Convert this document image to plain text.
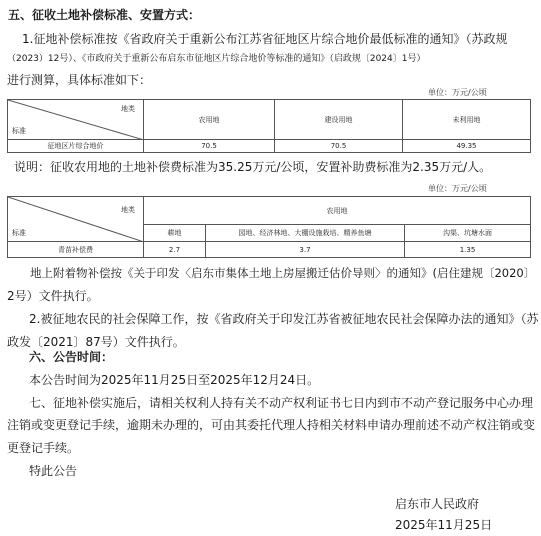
五、征收土地补偿标准、安置方式：
1.征地补偿标准按《省政府关于重新公布江苏省征地区片综合地价最低标准的通知》（苏政规
（2023）12号）、《市政府关于重新公布启东市征地区片综合地价等标准的通知》（启政规〔2024〕1号）
进行测算，具体标准如下：
单位：万元/公顷
地类
标准	农用地	建设用地	未利用地
征地区片综合地价	70.5	70.5	49.35
说明：征收农用地的土地补偿费标准为35.25万元/公顷，安置补助费标准为2.35万元/人。
单位：万元/公顷
地类
标准	农用地		
	耕地	园地、经济林地、大棚设施栽培、精养鱼塘	沟渠、坑塘水面
青苗补偿费	2.7	3.7	1.35
地上附着物补偿按《关于印发〈启东市集体土地上房屋搬迁估价导则〉的通知》(启住建规〔2020〕
2号）文件执行。
2.被征地农民的社会保障工作，按《省政府关于印发江苏省被征地农民社会保障办法的通知》（苏
政发〔2021〕87号）文件执行。
六、公告时间：
本公告时间为2025年11月25日至2025年12月24日。
七、征地补偿实施后，请相关权利人持有关不动产权利证书七日内到市不动产登记服务中心办理
注销或变更登记手续，逾期未办理的，可由其委托代理人持相关材料申请办理前述不动产权注销或变
更登记手续。
特此公告
启东市人民政府
2025年11月25日
